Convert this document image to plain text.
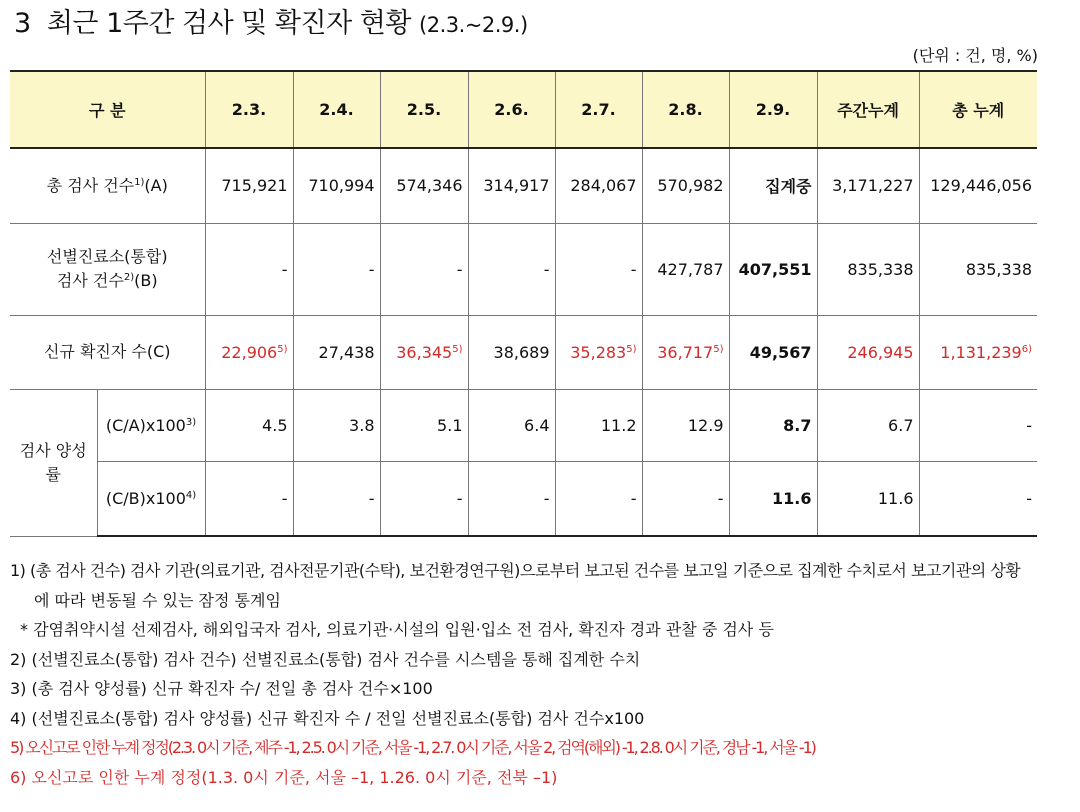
3  최근 1주간 검사 및 확진자 현황 (2.3.~2.9.)
(단위 : 건, 명, %)
구 분		2.3.	2.4.	2.5.	2.6.	2.7.	2.8.	2.9.	주간누계	총 누계
총 검사 건수$^{1)}$(A)		715,921	710,994	574,346	314,917	284,067	570,982	집계중	3,171,227	129,446,056
선별진료소(통합)
검사 건수$^{2)}$(B)		-	-	-	-	-	427,787	407,551	835,338	835,338
신규 확진자 수(C)		22,906$^{5)}$	27,438	36,345$^{5)}$	38,689	35,283$^{5)}$	36,717$^{5)}$	49,567	246,945	1,131,239$^{6)}$
검사 양성률	(C/A)x100$^{3)}$	4.5	3.8	5.1	6.4	11.2	12.9	8.7	6.7	-
	(C/B)x100$^{4)}$	-	-	-	-	-	-	11.6	11.6	-
1) (총 검사 건수) 검사 기관(의료기관, 검사전문기관(수탁), 보건환경연구원)으로부터 보고된 건수를 보고일 기준으로 집계한 수치로서 보고기관의 상황
에 따라 변동될 수 있는 잠정 통계임
* 감염취약시설 선제검사, 해외입국자 검사, 의료기관·시설의 입원·입소 전 검사, 확진자 경과 관찰 중 검사 등
2) (선별진료소(통합) 검사 건수) 선별진료소(통합) 검사 건수를 시스템을 통해 집계한 수치
3) (총 검사 양성률) 신규 확진자 수/ 전일 총 검사 건수×100
4) (선별진료소(통합) 검사 양성률) 신규 확진자 수 / 전일 선별진료소(통합) 검사 건수x100
5) 오신고로 인한 누계 정정(2.3. 0시 기준, 제주 -1, 2.5. 0시 기준, 서울 -1, 2.7. 0시 기준, 서울 2, 검역(해외) -1, 2.8. 0시 기준, 경남 -1, 서울 -1)
6) 오신고로 인한 누계 정정(1.3. 0시 기준, 서울 –1, 1.26. 0시 기준, 전북 –1)
